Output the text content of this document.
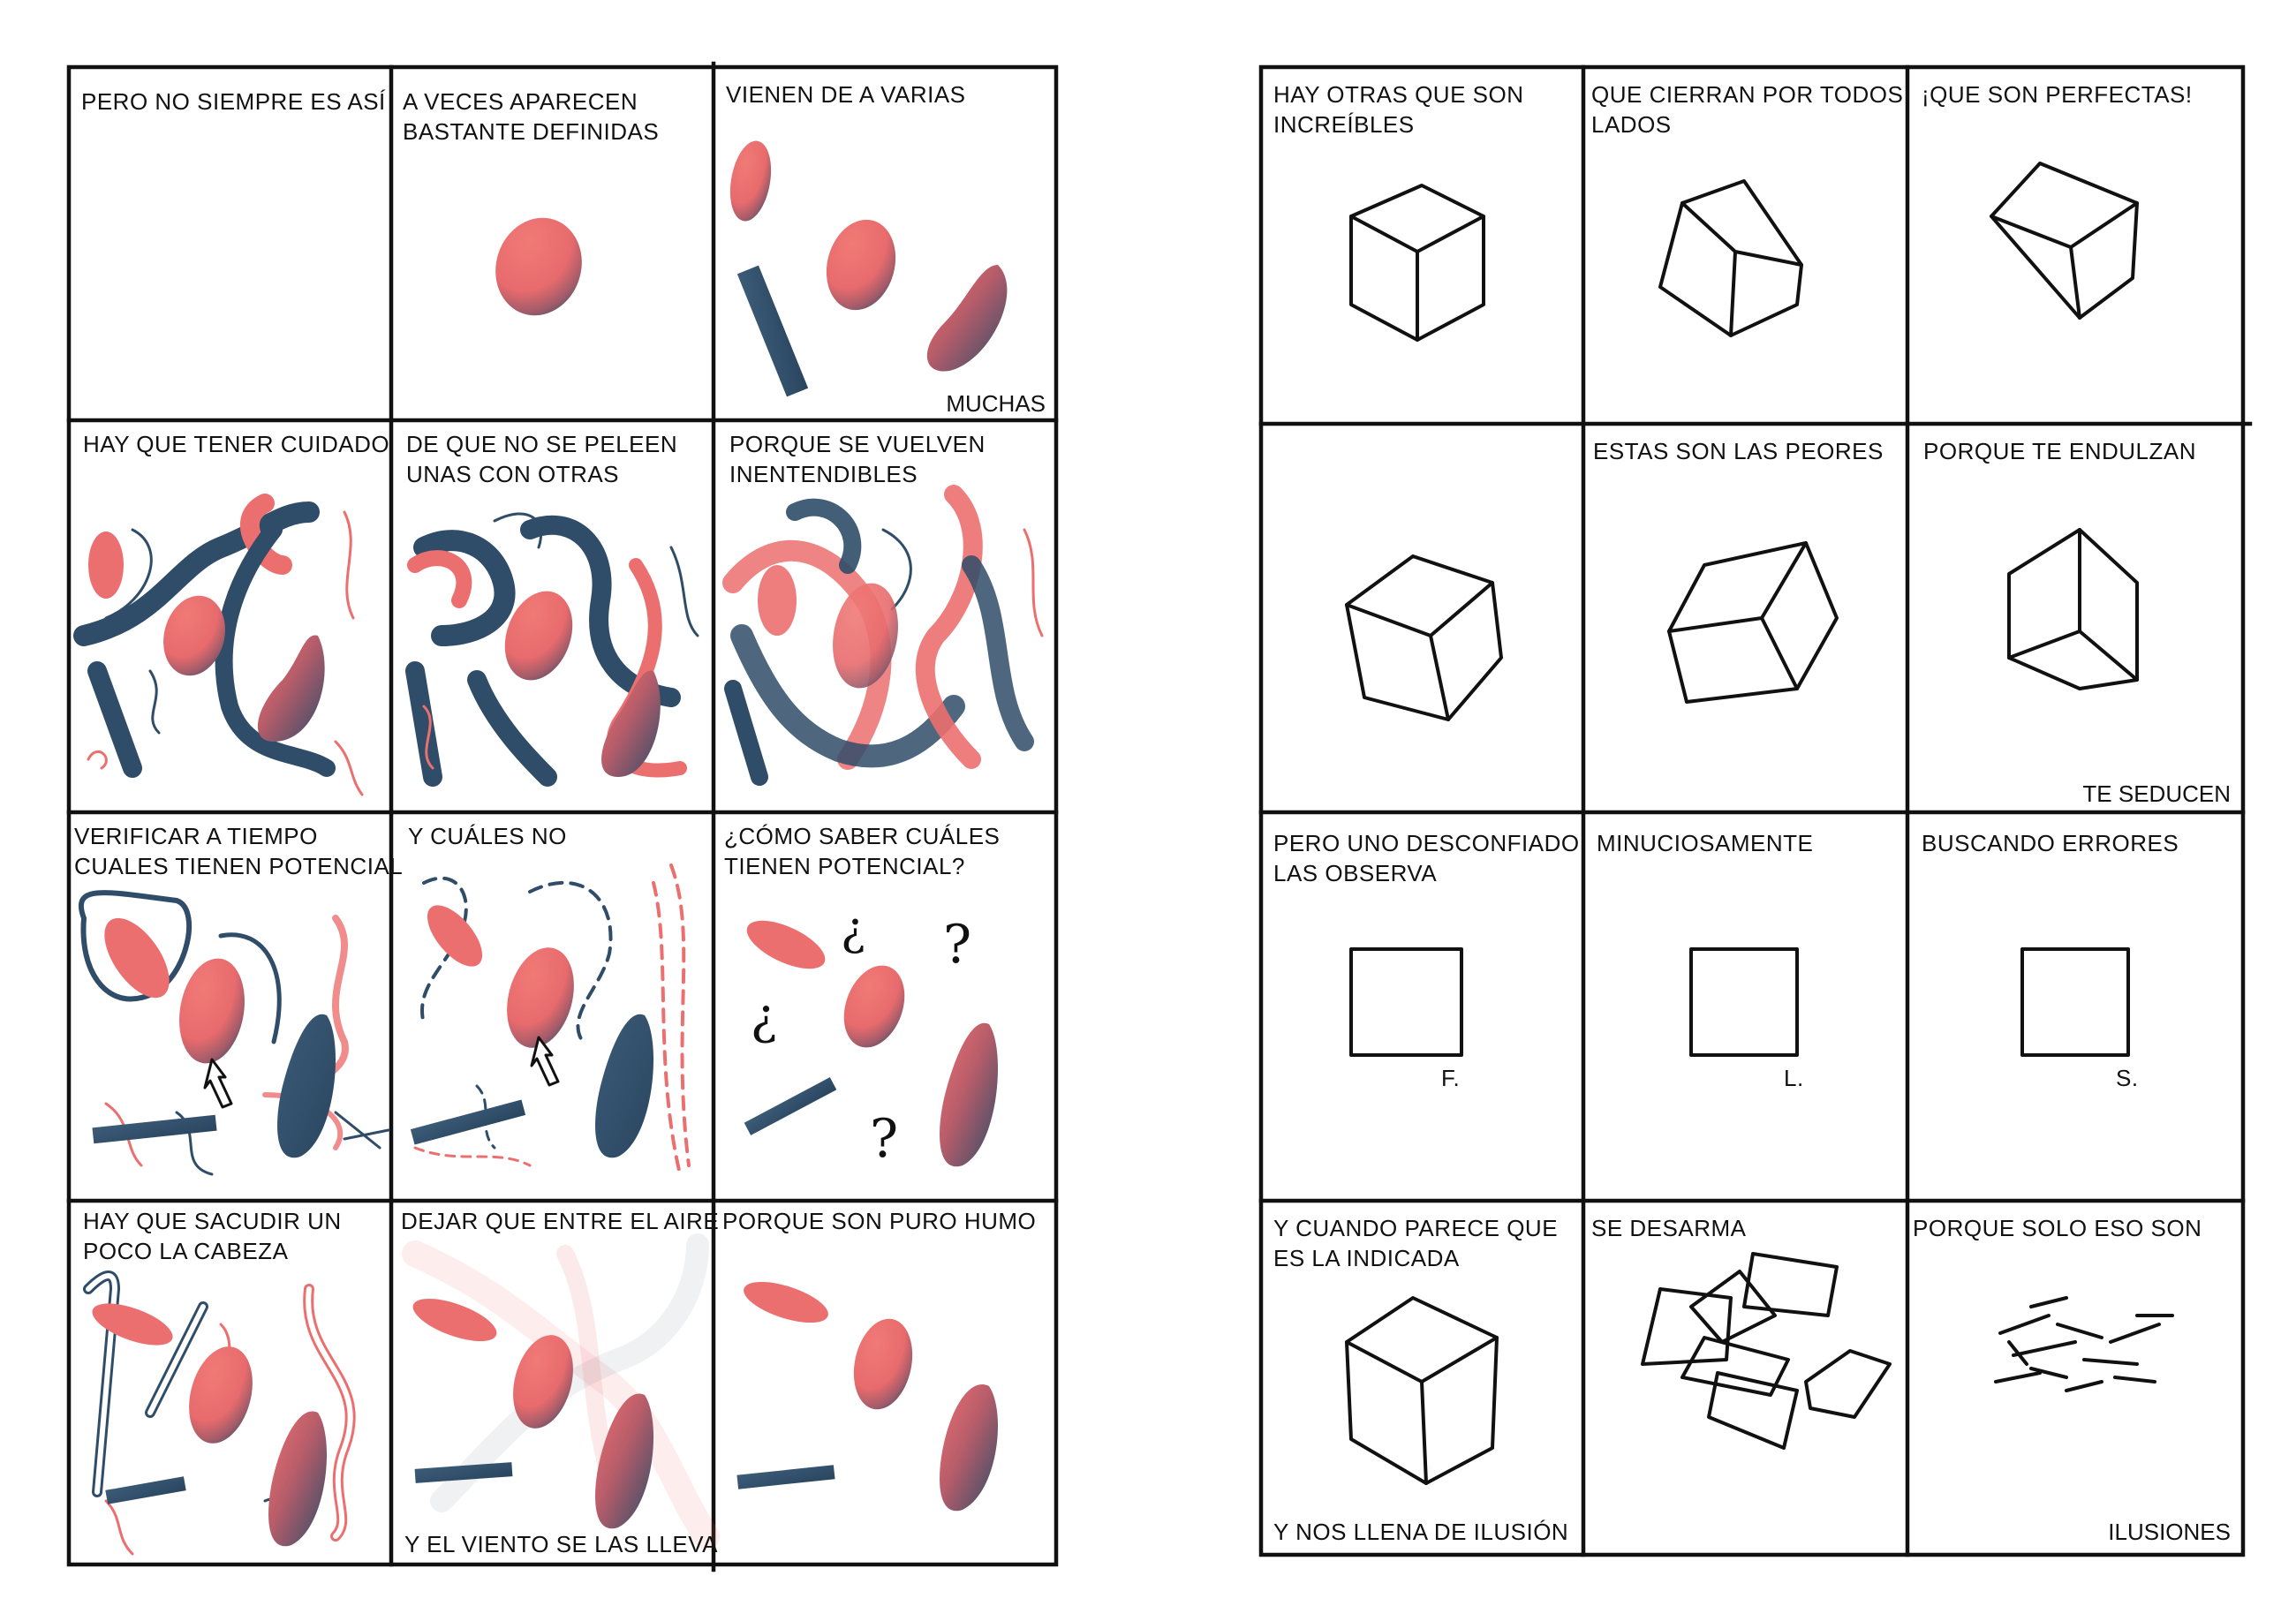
? ?
?
?
PERO NO SIEMPRE ES ASÍ A VECES APARECEN
BASTANTE DEFINIDAS
VIENEN DE A VARIAS
MUCHAS
HAY QUE TENER CUIDADO DE QUE NO SE PELEEN
UNAS CON OTRAS
PORQUE SE VUELVEN
INENTENDIBLES
VERIFICAR A TIEMPO
CUALES TIENEN POTENCIAL
Y CUÁLES NO	¿CÓMO SABER CUÁLES
TIENEN POTENCIAL?
HAY QUE SACUDIR UN
POCO LA CABEZA
DEJAR QUE ENTRE EL AIRE
Y EL VIENTO SE LAS LLEVA
PORQUE SON PURO HUMO
HAY OTRAS QUE SON
INCREÍBLES
QUE CIERRAN POR TODOS
LADOS
¡QUE SON PERFECTAS!
ESTAS SON LAS PEORES PORQUE TE ENDULZAN
TE SEDUCEN
PERO UNO DESCONFIADO
LAS OBSERVA
F.
MINUCIOSAMENTE
L.
BUSCANDO ERRORES
S.
Y CUANDO PARECE QUE
ES LA INDICADA
Y NOS LLENA DE ILUSIÓN
SE DESARMA	PORQUE SOLO ESO SON
ILUSIONES
